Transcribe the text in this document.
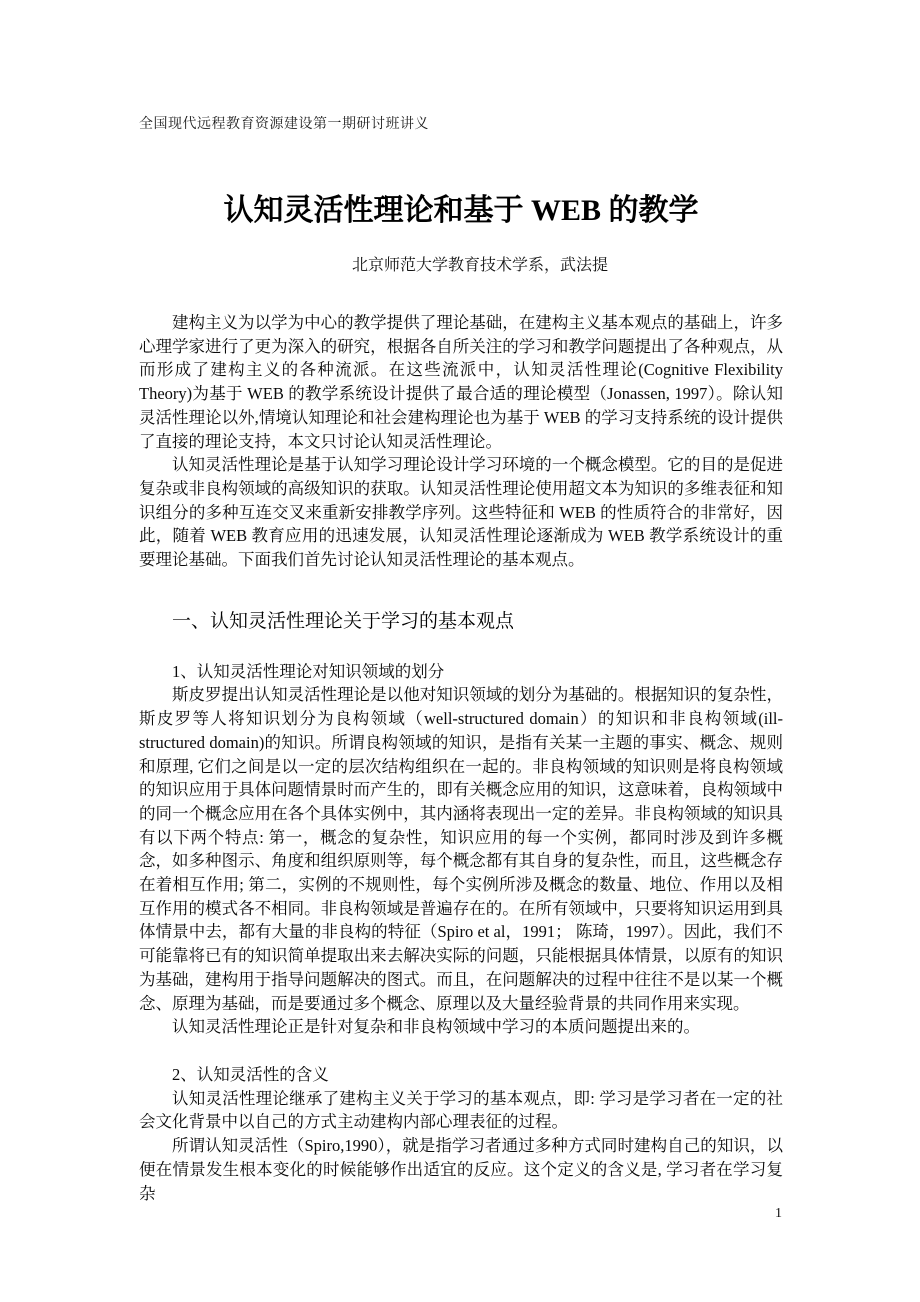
全国现代远程教育资源建设第一期研讨班讲义
认知灵活性理论和基于 WEB 的教学
北京师范大学教育技术学系，武法提

建构主义为以学为中心的教学提供了理论基础，在建构主义基本观点的基础上，许多心理学家进行了更为深入的研究，根据各自所关注的学习和教学问题提出了各种观点，从而形成了建构主义的各种流派。在这些流派中，认知灵活性理论(Cognitive Flexibility Theory)为基于 WEB 的教学系统设计提供了最合适的理论模型（Jonassen, 1997）。除认知灵活性理论以外,情境认知理论和社会建构理论也为基于 WEB 的学习支持系统的设计提供了直接的理论支持，本文只讨论认知灵活性理论。

认知灵活性理论是基于认知学习理论设计学习环境的一个概念模型。它的目的是促进复杂或非良构领域的高级知识的获取。认知灵活性理论使用超文本为知识的多维表征和知识组分的多种互连交叉来重新安排教学序列。这些特征和 WEB 的性质符合的非常好，因此，随着 WEB 教育应用的迅速发展，认知灵活性理论逐渐成为 WEB 教学系统设计的重要理论基础。下面我们首先讨论认知灵活性理论的基本观点。

一、认知灵活性理论关于学习的基本观点
1、认知灵活性理论对知识领域的划分

斯皮罗提出认知灵活性理论是以他对知识领域的划分为基础的。根据知识的复杂性，斯皮罗等人将知识划分为良构领域（well-structured domain）的知识和非良构领域(ill-structured domain)的知识。所谓良构领域的知识，是指有关某一主题的事实、概念、规则和原理, 它们之间是以一定的层次结构组织在一起的。非良构领域的知识则是将良构领域的知识应用于具体问题情景时而产生的，即有关概念应用的知识，这意味着，良构领域中的同一个概念应用在各个具体实例中，其内涵将表现出一定的差异。非良构领域的知识具有以下两个特点: 第一，概念的复杂性，知识应用的每一个实例，都同时涉及到许多概念，如多种图示、角度和组织原则等，每个概念都有其自身的复杂性，而且，这些概念存在着相互作用; 第二，实例的不规则性，每个实例所涉及概念的数量、地位、作用以及相互作用的模式各不相同。非良构领域是普遍存在的。在所有领域中，只要将知识运用到具体情景中去，都有大量的非良构的特征（Spiro et al，1991； 陈琦，1997）。因此，我们不可能靠将已有的知识简单提取出来去解决实际的问题，只能根据具体情景，以原有的知识为基础，建构用于指导问题解决的图式。而且，在问题解决的过程中往往不是以某一个概念、原理为基础，而是要通过多个概念、原理以及大量经验背景的共同作用来实现。

认知灵活性理论正是针对复杂和非良构领域中学习的本质问题提出来的。

2、认知灵活性的含义

认知灵活性理论继承了建构主义关于学习的基本观点，即: 学习是学习者在一定的社会文化背景中以自己的方式主动建构内部心理表征的过程。

所谓认知灵活性（Spiro,1990），就是指学习者通过多种方式同时建构自己的知识，以便在情景发生根本变化的时候能够作出适宜的反应。这个定义的含义是, 学习者在学习复杂

1
